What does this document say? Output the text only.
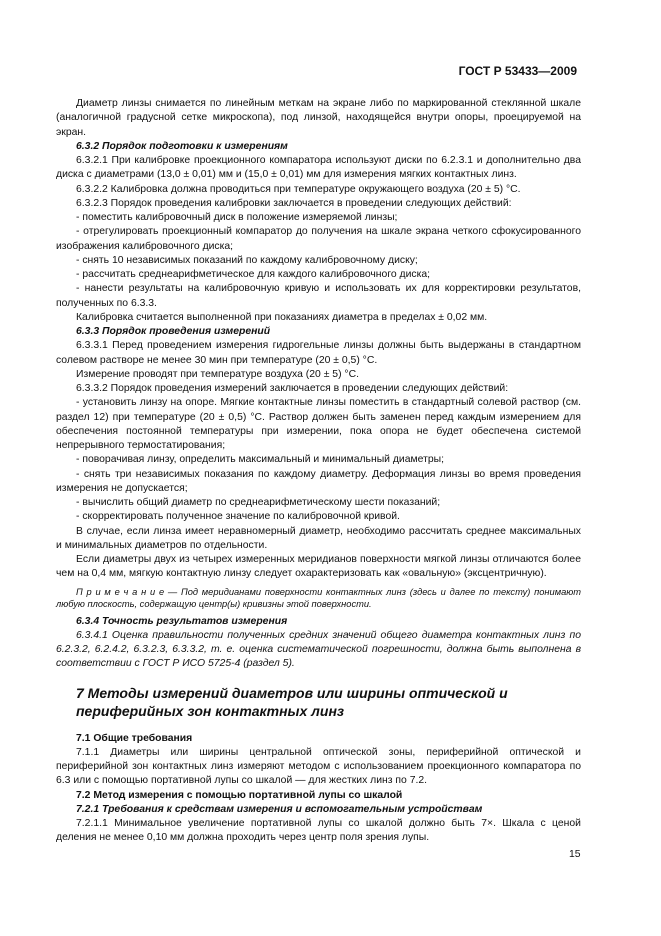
ГОСТ Р 53433—2009

Диаметр линзы снимается по линейным меткам на экране либо по маркированной стеклянной шкале (аналогичной градусной сетке микроскопа), под линзой, находящейся внутри опоры, проецируемой на экран.

6.3.2 Порядок подготовки к измерениям

6.3.2.1 При калибровке проекционного компаратора используют диски по 6.2.3.1 и дополнительно два диска с диаметрами (13,0 ± 0,01) мм и (15,0 ± 0,01) мм для измерения мягких контактных линз.

6.3.2.2 Калибровка должна проводиться при температуре окружающего воздуха (20 ± 5) °С.

6.3.2.3 Порядок проведения калибровки заключается в проведении следующих действий:

- поместить калибровочный диск в положение измеряемой линзы;

- отрегулировать проекционный компаратор до получения на шкале экрана четкого сфокусированного изображения калибровочного диска;

- снять 10 независимых показаний по каждому калибровочному диску;

- рассчитать среднеарифметическое для каждого калибровочного диска;

- нанести результаты на калибровочную кривую и использовать их для корректировки результатов, полученных по 6.3.3.

Калибровка считается выполненной при показаниях диаметра в пределах ± 0,02 мм.

6.3.3 Порядок проведения измерений

6.3.3.1 Перед проведением измерения гидрогельные линзы должны быть выдержаны в стандартном солевом растворе не менее 30 мин при температуре (20 ± 0,5) °С.

Измерение проводят при температуре воздуха (20 ± 5) °С.

6.3.3.2 Порядок проведения измерений заключается в проведении следующих действий:

- установить линзу на опоре. Мягкие контактные линзы поместить в стандартный солевой раствор (см. раздел 12) при температуре (20 ± 0,5) °С. Раствор должен быть заменен перед каждым измерением для обеспечения постоянной температуры при измерении, пока опора не будет обеспечена системой непрерывного термостатирования;

- поворачивая линзу, определить максимальный и минимальный диаметры;

- снять три независимых показания по каждому диаметру. Деформация линзы во время проведения измерения не допускается;

- вычислить общий диаметр по среднеарифметическому шести показаний;

- скорректировать полученное значение по калибровочной кривой.

В случае, если линза имеет неравномерный диаметр, необходимо рассчитать среднее максимальных и минимальных диаметров по отдельности.

Если диаметры двух из четырех измеренных меридианов поверхности мягкой линзы отличаются более чем на 0,4 мм, мягкую контактную линзу следует охарактеризовать как «овальную» (эксцентричную).

П р и м е ч а н и е — Под меридианами поверхности контактных линз (здесь и далее по тексту) понимают любую плоскость, содержащую центр(ы) кривизны этой поверхности.

6.3.4 Точность результатов измерения

6.3.4.1 Оценка правильности полученных средних значений общего диаметра контактных линз по 6.2.3.2, 6.2.4.2, 6.3.2.3, 6.3.3.2, т. е. оценка систематической погрешности, должна быть выполнена в соответствии с ГОСТ Р ИСО 5725-4 (раздел 5).

7 Методы измерений диаметров или ширины оптической и периферийных зон контактных линз

7.1 Общие требования

7.1.1 Диаметры или ширины центральной оптической зоны, периферийной оптической и периферийной зон контактных линз измеряют методом с использованием проекционного компаратора по 6.3 или с помощью портативной лупы со шкалой — для жестких линз по 7.2.

7.2 Метод измерения с помощью портативной лупы со шкалой

7.2.1 Требования к средствам измерения и вспомогательным устройствам

7.2.1.1 Минимальное увеличение портативной лупы со шкалой должно быть 7×. Шкала с ценой деления не менее 0,10 мм должна проходить через центр поля зрения лупы.

15
